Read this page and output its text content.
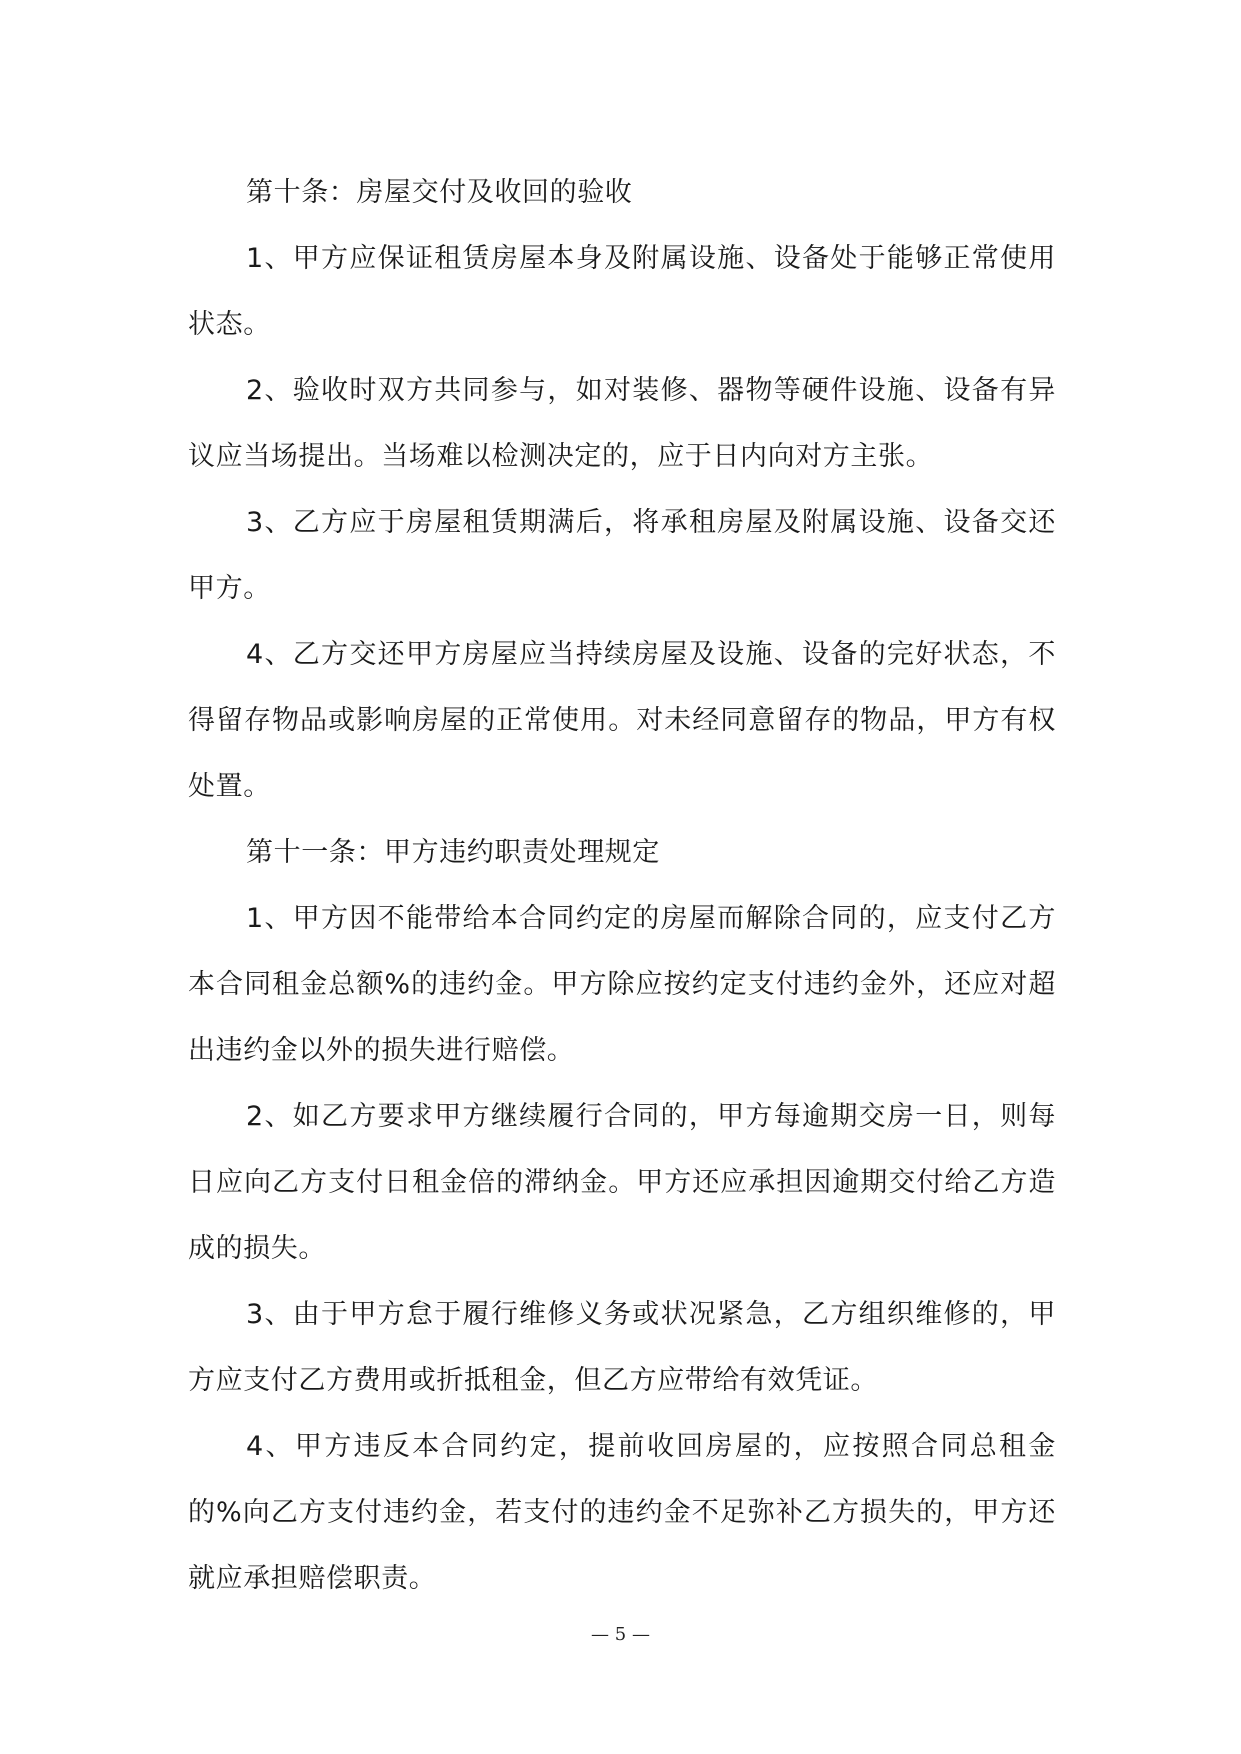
第十条：房屋交付及收回的验收

1、甲方应保证租赁房屋本身及附属设施、设备处于能够正常使用状态。

2、验收时双方共同参与，如对装修、器物等硬件设施、设备有异议应当场提出。当场难以检测决定的，应于日内向对方主张。

3、乙方应于房屋租赁期满后，将承租房屋及附属设施、设备交还甲方。

4、乙方交还甲方房屋应当持续房屋及设施、设备的完好状态，不得留存物品或影响房屋的正常使用。对未经同意留存的物品，甲方有权处置。

第十一条：甲方违约职责处理规定

1、甲方因不能带给本合同约定的房屋而解除合同的，应支付乙方本合同租金总额%的违约金。甲方除应按约定支付违约金外，还应对超出违约金以外的损失进行赔偿。

2、如乙方要求甲方继续履行合同的，甲方每逾期交房一日，则每日应向乙方支付日租金倍的滞纳金。甲方还应承担因逾期交付给乙方造成的损失。

3、由于甲方怠于履行维修义务或状况紧急，乙方组织维修的，甲方应支付乙方费用或折抵租金，但乙方应带给有效凭证。

4、甲方违反本合同约定，提前收回房屋的，应按照合同总租金的%向乙方支付违约金，若支付的违约金不足弥补乙方损失的，甲方还就应承担赔偿职责。

— 5 —
